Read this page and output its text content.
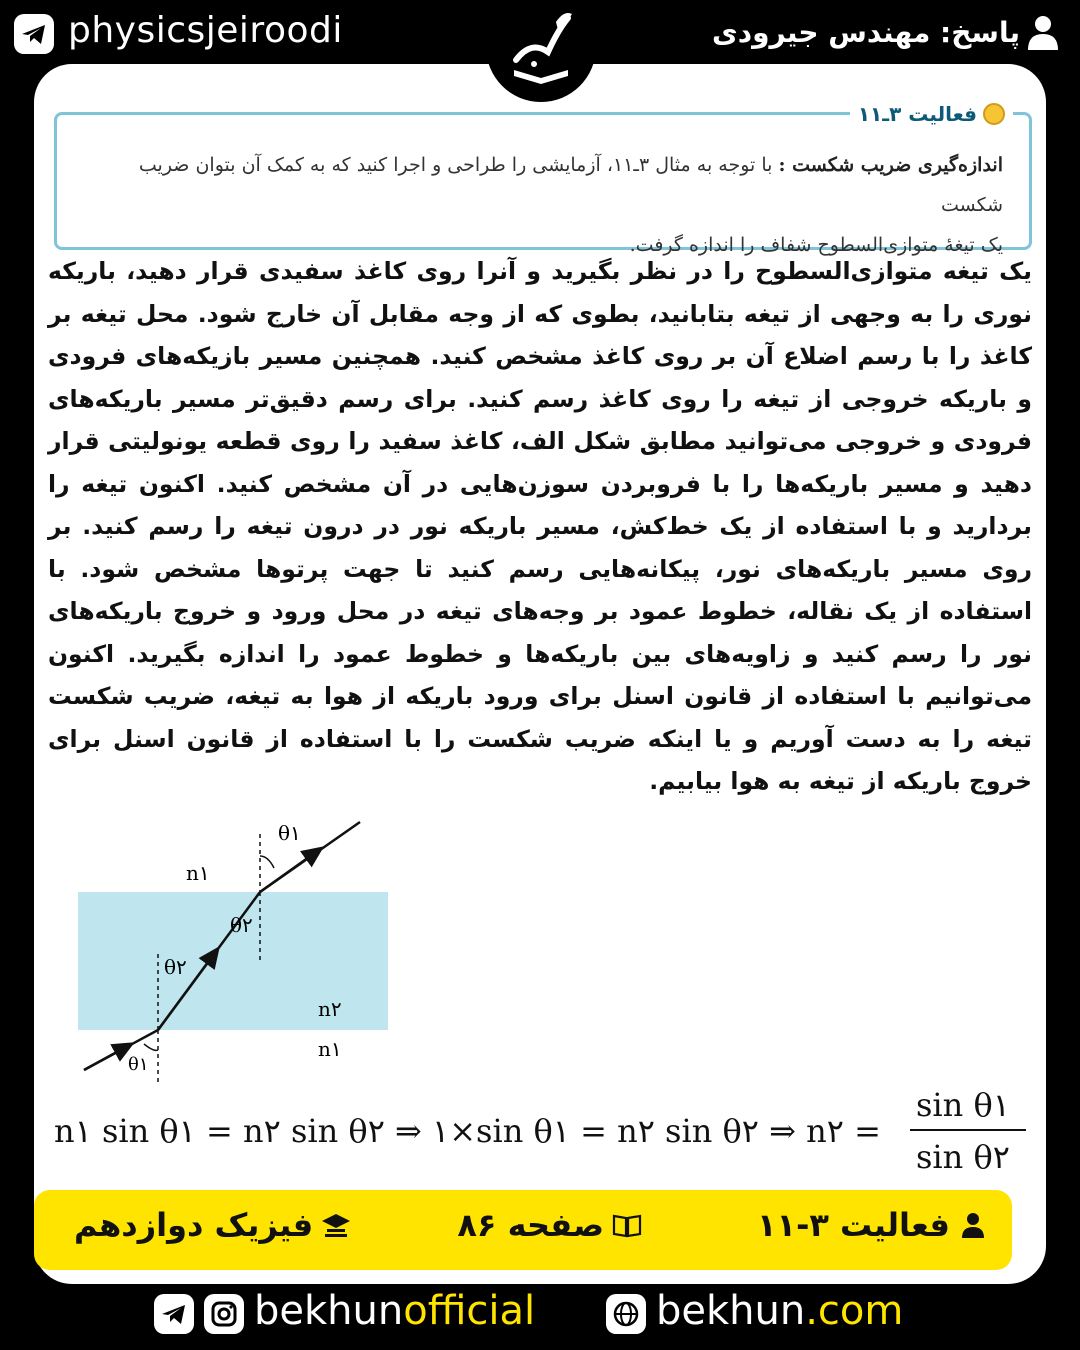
physicsjeiroodi	پاسخ: مهندس جیرودی
فعالیت ۳ـ۱۱
اندازه‌گیری ضریب شکست : با توجه به مثال ۳ـ۱۱، آزمایشی را طراحی و اجرا کنید که به کمک آن بتوان ضریب شکست
یک تیغهٔ متوازی‌السطوح شفاف را اندازه گرفت.
یک تیغه متوازی‌السطوح را در نظر بگیرید و آنرا روی کاغذ سفیدی قرار دهید، باریکه نوری را به وجهی از تیغه بتابانید، بطوی که از وجه مقابل آن خارج شود. محل تیغه بر کاغذ را با رسم اضلاع آن بر روی کاغذ مشخص کنید. همچنین مسیر بازیکه‌های فرودی و باریکه خروجی از تیغه را روی کاغذ رسم کنید. برای رسم دقیق‌تر مسیر باریکه‌های فرودی و خروجی می‌توانید مطابق شکل الف، کاغذ سفید را روی قطعه یونولیتی قرار دهید و مسیر باریکه‌ها را با فروبردن سوزن‌هایی در آن مشخص کنید. اکنون تیغه را بردارید و با استفاده از یک خط‌کش، مسیر باریکه نور در درون تیغه را رسم کنید. بر روی مسیر باریکه‌های نور، پیکانه‌هایی رسم کنید تا جهت پرتوها مشخص شود. با استفاده از یک نقاله، خطوط عمود بر وجه‌های تیغه در محل ورود و خروج باریکه‌های نور را رسم کنید و زاویه‌های بین باریکه‌ها و خطوط عمود را اندازه بگیرید. اکنون می‌توانیم با استفاده از قانون اسنل برای ورود باریکه از هوا به تیغه، ضریب شکست تیغه را به دست آوریم و یا اینکه ضریب شکست را با استفاده از قانون اسنل برای خروج باریکه از تیغه به هوا بیابیم.
θ۱
n۱
θ۲
θ۲
n۲
n۱
θ۱
n۱ sin θ۱ = n۲ sin θ۲ ⇒ ۱×sin θ۱ = n۲ sin θ۲ ⇒ n۲ =
sin θ۱
sin θ۲
فعالیت ۳-۱۱
صفحه ۸۶
فیزیک دوازدهم
bekhunofficial	bekhun.com
